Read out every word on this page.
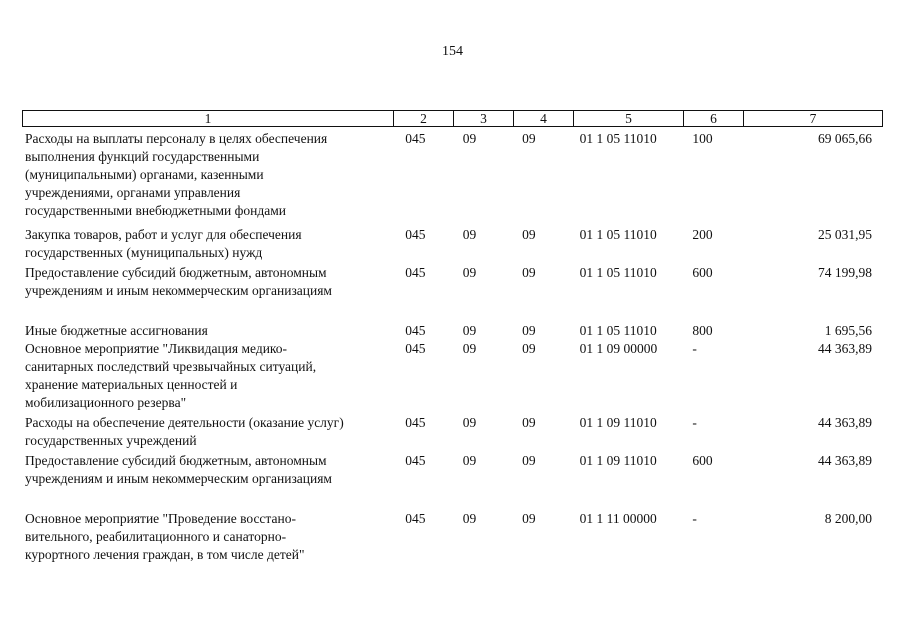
154
1	2	3	4	5	6	7
Расходы на выплаты персоналу в целях обеспечения
выполнения функций государственными
(муниципальными) органами, казенными
учреждениями, органами управления
государственными внебюджетными фондами
045	09	09	01 1 05 11010	100	69 065,66
Закупка товаров, работ и услуг для обеспечения
государственных (муниципальных) нужд
045	09	09	01 1 05 11010	200	25 031,95
Предоставление субсидий бюджетным, автономным
учреждениям и иным некоммерческим организациям
045	09	09	01 1 05 11010	600	74 199,98
Иные бюджетные ассигнования	045	09	09	01 1 05 11010	800	1 695,56
Основное мероприятие "Ликвидация медико-
санитарных последствий чрезвычайных ситуаций,
хранение материальных ценностей и
мобилизационного резерва"
045	09	09	01 1 09 00000	-	44 363,89
Расходы на обеспечение деятельности (оказание услуг)
государственных учреждений
045	09	09	01 1 09 11010	-	44 363,89
Предоставление субсидий бюджетным, автономным
учреждениям и иным некоммерческим организациям
045	09	09	01 1 09 11010	600	44 363,89
Основное мероприятие "Проведение восстано-
вительного, реабилитационного и санаторно-
курортного лечения граждан, в том числе детей"
045	09	09	01 1 11 00000	-	8 200,00
